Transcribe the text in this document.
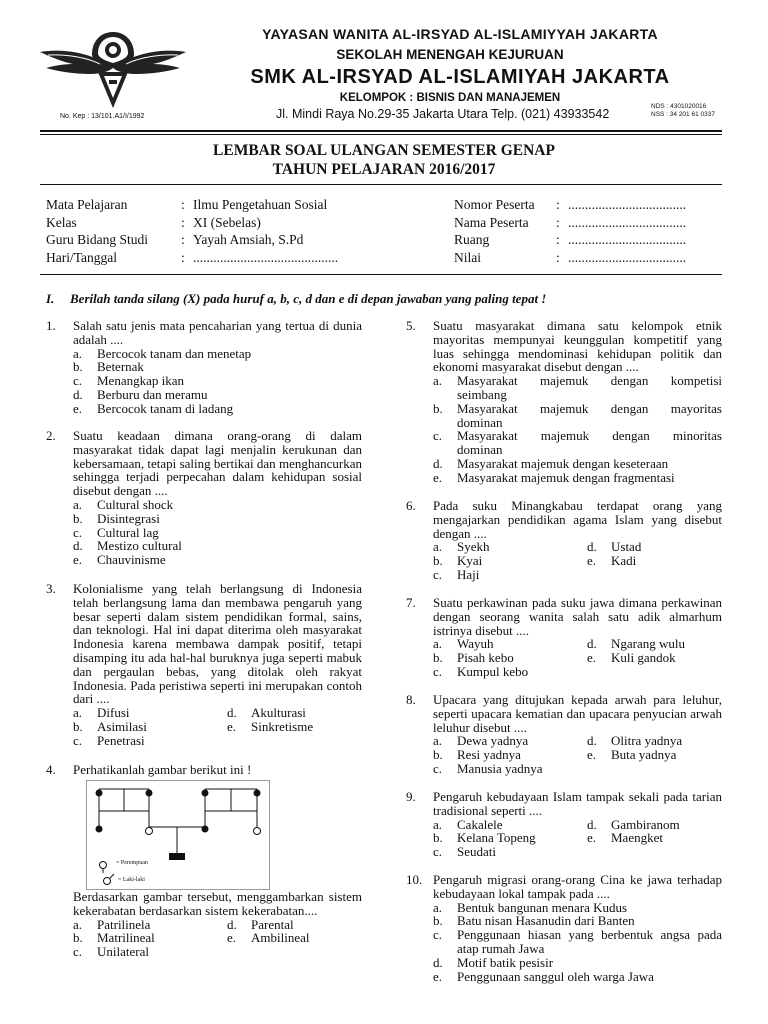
No. Kep : 13/101.A1/I/1992
YAYASAN WANITA AL-IRSYAD AL-ISLAMIYYAH JAKARTA
SEKOLAH MENENGAH KEJURUAN
SMK AL-IRSYAD AL-ISLAMIYAH JAKARTA
KELOMPOK : BISNIS DAN MANAJEMEN
Jl. Mindi Raya No.29-35 Jakarta Utara Telp. (021) 43933542
NDS : 4301020016
NSS : 34 201 61 0337
LEMBAR SOAL ULANGAN SEMESTER GENAP
TAHUN PELAJARAN 2016/2017
Mata Pelajaran	: Ilmu Pengetahuan Sosial
Kelas	: XI (Sebelas)
Guru Bidang Studi	: Yayah Amsiah, S.Pd
Hari/Tanggal	: ...........................................
Nomor Peserta	: ...................................
Nama Peserta	: ...................................
Ruang	: ...................................
Nilai	: ...................................
I. Berilah tanda silang (X) pada huruf a, b, c, d dan e di depan jawaban yang paling tepat !
1. Salah satu jenis mata pencaharian yang tertua di dunia adalah ....
a.	Bercocok tanam dan menetap
b.	Beternak
c.	Menangkap ikan
d.	Berburu dan meramu
e.	Bercocok tanam di ladang
2. Suatu keadaan dimana orang-orang di dalam masyarakat tidak dapat lagi menjalin kerukunan dan kebersamaan, tetapi saling bertikai dan menghancurkan sehingga terjadi perpecahan dalam kehidupan sosial disebut dengan ....
a.	Cultural shock
b.	Disintegrasi
c.	Cultural lag
d.	Mestizo cultural
e.	Chauvinisme
3. Kolonialisme yang telah berlangsung di Indonesia telah berlangsung lama dan membawa pengaruh yang besar seperti dalam sistem pendidikan formal, sains, dan teknologi. Hal ini dapat diterima oleh masyarakat Indonesia karena membawa dampak positif, tetapi disamping itu ada hal-hal buruknya juga seperti mabuk dan pergaulan bebas, yang ditolak oleh rakyat Indonesia. Pada peristiwa seperti ini merupakan contoh dari ....
a.	Difusi	d.	Akulturasi
b.	Asimilasi	e.	Sinkretisme
c.	Penetrasi
4. Perhatikanlah gambar berikut ini !
= Perempuan
= Laki-laki
Berdasarkan gambar tersebut, menggambarkan sistem kekerabatan berdasarkan sistem kekerabatan....
a.	Patrilinela	d.	Parental
b.	Matrilineal	e.	Ambilineal
c.	Unilateral
5. Suatu masyarakat dimana satu kelompok etnik mayoritas mempunyai keunggulan kompetitif yang luas sehingga mendominasi kehidupan politik dan ekonomi masyarakat disebut dengan ....
a.	Masyarakat majemuk dengan kompetisi
seimbang
b.	Masyarakat majemuk dengan mayoritas
dominan
c.	Masyarakat majemuk dengan minoritas
dominan
d.	Masyarakat majemuk dengan keseteraan
e.	Masyarakat majemuk dengan fragmentasi
6. Pada suku Minangkabau terdapat orang yang mengajarkan pendidikan agama Islam yang disebut dengan ....
a.	Syekh	d.	Ustad
b.	Kyai	e.	Kadi
c.	Haji
7. Suatu perkawinan pada suku jawa dimana perkawinan dengan seorang wanita salah satu adik almarhum istrinya disebut ....
a.	Wayuh	d.	Ngarang wulu
b.	Pisah kebo	e.	Kuli gandok
c.	Kumpul kebo
8. Upacara yang ditujukan kepada arwah para leluhur, seperti upacara kematian dan upacara penyucian arwah leluhur disebut ....
a.	Dewa yadnya	d.	Olitra yadnya
b.	Resi yadnya	e.	Buta yadnya
c.	Manusia yadnya
9. Pengaruh kebudayaan Islam tampak sekali pada tarian tradisional seperti ....
a.	Cakalele	d.	Gambiranom
b.	Kelana Topeng	e.	Maengket
c.	Seudati
10. Pengaruh migrasi orang-orang Cina ke jawa terhadap kebudayaan lokal tampak pada ....
a.	Bentuk bangunan menara Kudus
b.	Batu nisan Hasanudin dari Banten
c.	Penggunaan hiasan yang berbentuk angsa pada
atap rumah Jawa
d.	Motif batik pesisir
e.	Penggunaan sanggul oleh warga Jawa
